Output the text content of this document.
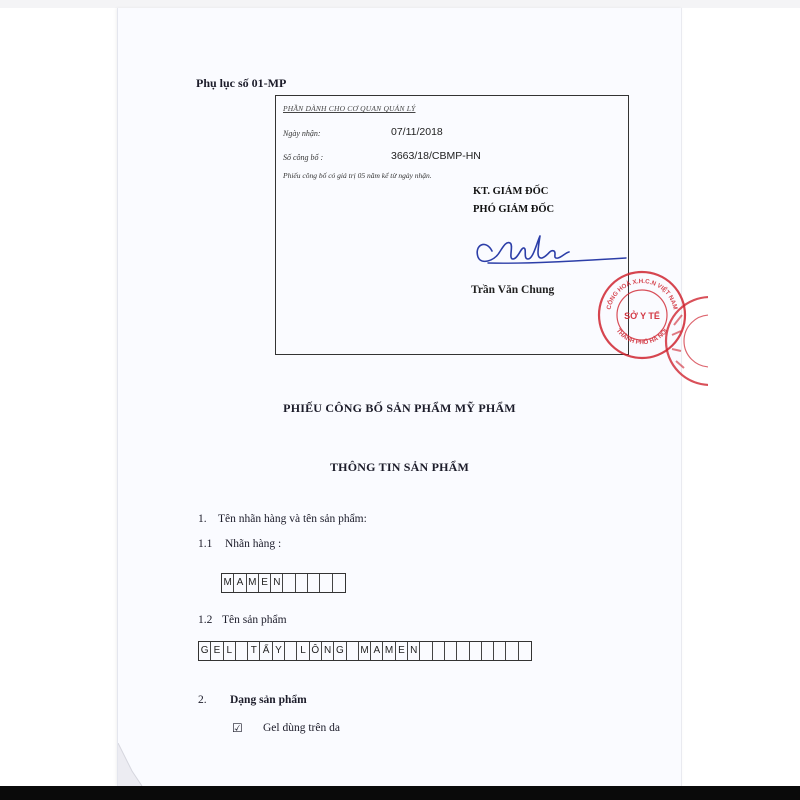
Phụ lục số 01-MP
PHẦN DÀNH CHO CƠ QUAN QUẢN LÝ
Ngày nhận:	07/11/2018
Số công bố :	3663/18/CBMP-HN
Phiếu công bố có giá trị 05 năm kể từ ngày nhận.
CÔNG HOÀ X.H.C.N VIỆT NAM
SỞ Y TẾ
THÀNH PHỐ HÀ NỘI
KT. GIÁM ĐỐC
PHÓ GIÁM ĐỐC
Trần Văn Chung
PHIẾU CÔNG BỐ SẢN PHẨM MỸ PHẨM
THÔNG TIN SẢN PHẨM
1. Tên nhãn hàng và tên sản phẩm:
1.1 Nhãn hàng :
M A M E N
1.2 Tên sản phẩm
G E L	T Ẩ Y	L Ô N G M A M E N
2. Dạng sản phẩm
☑ Gel dùng trên da
